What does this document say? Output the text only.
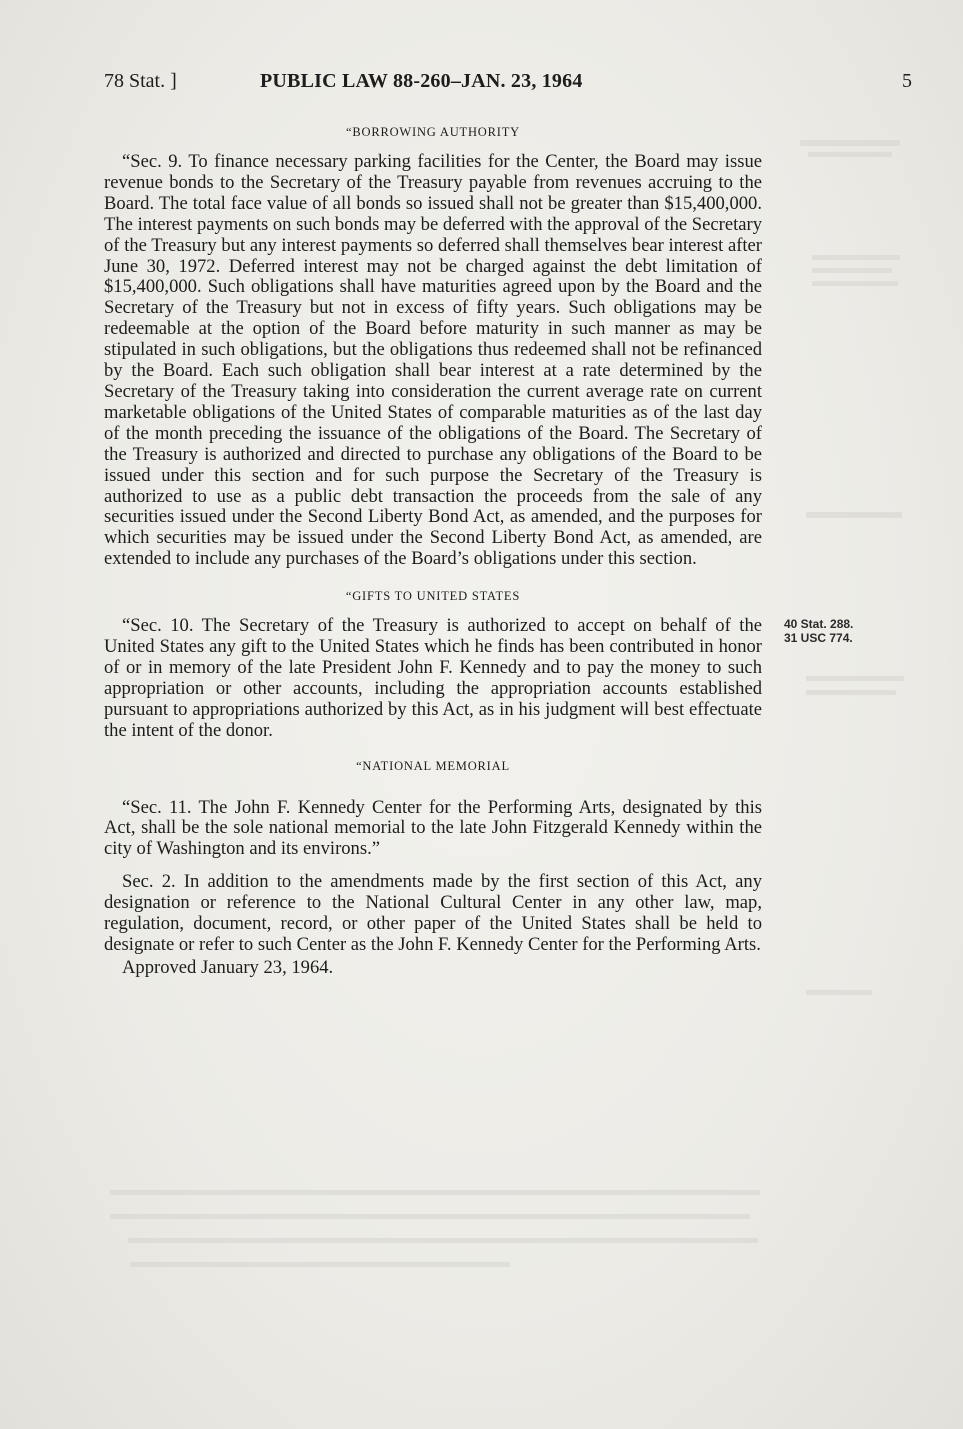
78 Stat. ]	PUBLIC LAW 88-260–JAN. 23, 1964	5
“BORROWING AUTHORITY

“Sec. 9. To finance necessary parking facilities for the Center, the Board may issue revenue bonds to the Secretary of the Treasury payable from revenues accruing to the Board. The total face value of all bonds so issued shall not be greater than $15,400,000. The interest payments on such bonds may be deferred with the approval of the Secretary of the Treasury but any interest payments so deferred shall themselves bear interest after June 30, 1972. Deferred interest may not be charged against the debt limitation of $15,400,000. Such obligations shall have maturities agreed upon by the Board and the Secretary of the Treasury but not in excess of fifty years. Such obligations may be redeemable at the option of the Board before maturity in such manner as may be stipulated in such obligations, but the obligations thus redeemed shall not be refinanced by the Board. Each such obligation shall bear interest at a rate determined by the Secretary of the Treasury taking into consideration the current average rate on current marketable obligations of the United States of comparable maturities as of the last day of the month preceding the issuance of the obligations of the Board. The Secretary of the Treasury is authorized and directed to purchase any obligations of the Board to be issued under this section and for such purpose the Secretary of the Treasury is authorized to use as a public debt transaction the proceeds from the sale of any securities issued under the Second Liberty Bond Act, as amended, and the purposes for which securities may be issued under the Second Liberty Bond Act, as amended, are extended to include any purchases of the Board’s obligations under this section.

“GIFTS TO UNITED STATES

“Sec. 10. The Secretary of the Treasury is authorized to accept on behalf of the United States any gift to the United States which he finds has been contributed in honor of or in memory of the late President John F. Kennedy and to pay the money to such appropriation or other accounts, including the appropriation accounts established pursuant to appropriations authorized by this Act, as in his judgment will best effectuate the intent of the donor.

“NATIONAL MEMORIAL

“Sec. 11. The John F. Kennedy Center for the Performing Arts, designated by this Act, shall be the sole national memorial to the late John Fitzgerald Kennedy within the city of Washington and its environs.”

Sec. 2. In addition to the amendments made by the first section of this Act, any designation or reference to the National Cultural Center in any other law, map, regulation, document, record, or other paper of the United States shall be held to designate or refer to such Center as the John F. Kennedy Center for the Performing Arts.

Approved January 23, 1964.

40 Stat. 288.
31 USC 774.
